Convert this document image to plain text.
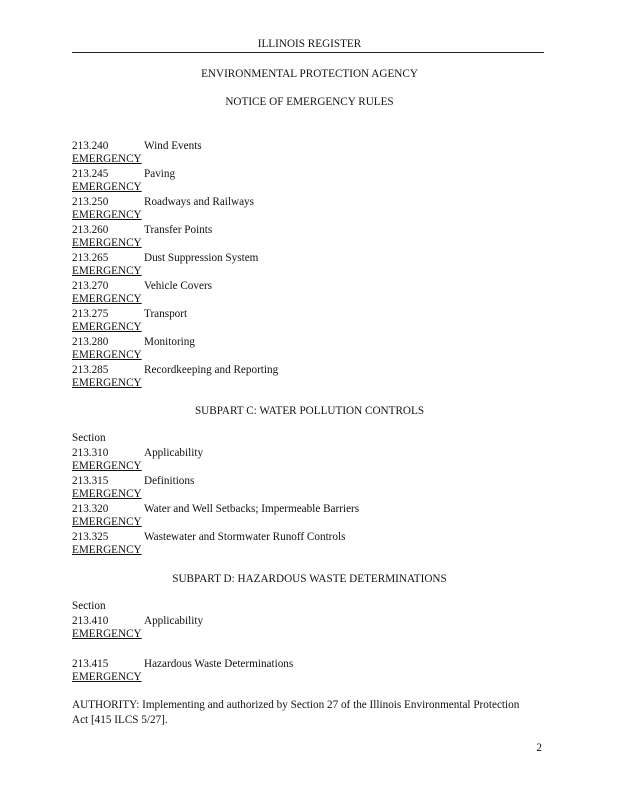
ILLINOIS REGISTER
ENVIRONMENTAL PROTECTION AGENCY
NOTICE OF EMERGENCY RULES
213.240	Wind Events
EMERGENCY
213.245	Paving
EMERGENCY
213.250	Roadways and Railways
EMERGENCY
213.260	Transfer Points
EMERGENCY
213.265	Dust Suppression System
EMERGENCY
213.270	Vehicle Covers
EMERGENCY
213.275	Transport
EMERGENCY
213.280	Monitoring
EMERGENCY
213.285	Recordkeeping and Reporting
EMERGENCY
SUBPART C: WATER POLLUTION CONTROLS
Section
213.310	Applicability
EMERGENCY
213.315	Definitions
EMERGENCY
213.320	Water and Well Setbacks; Impermeable Barriers
EMERGENCY
213.325	Wastewater and Stormwater Runoff Controls
EMERGENCY
SUBPART D: HAZARDOUS WASTE DETERMINATIONS
Section
213.410	Applicability
EMERGENCY
213.415	Hazardous Waste Determinations
EMERGENCY
AUTHORITY: Implementing and authorized by Section 27 of the Illinois Environmental Protection Act [415 ILCS 5/27].
2
